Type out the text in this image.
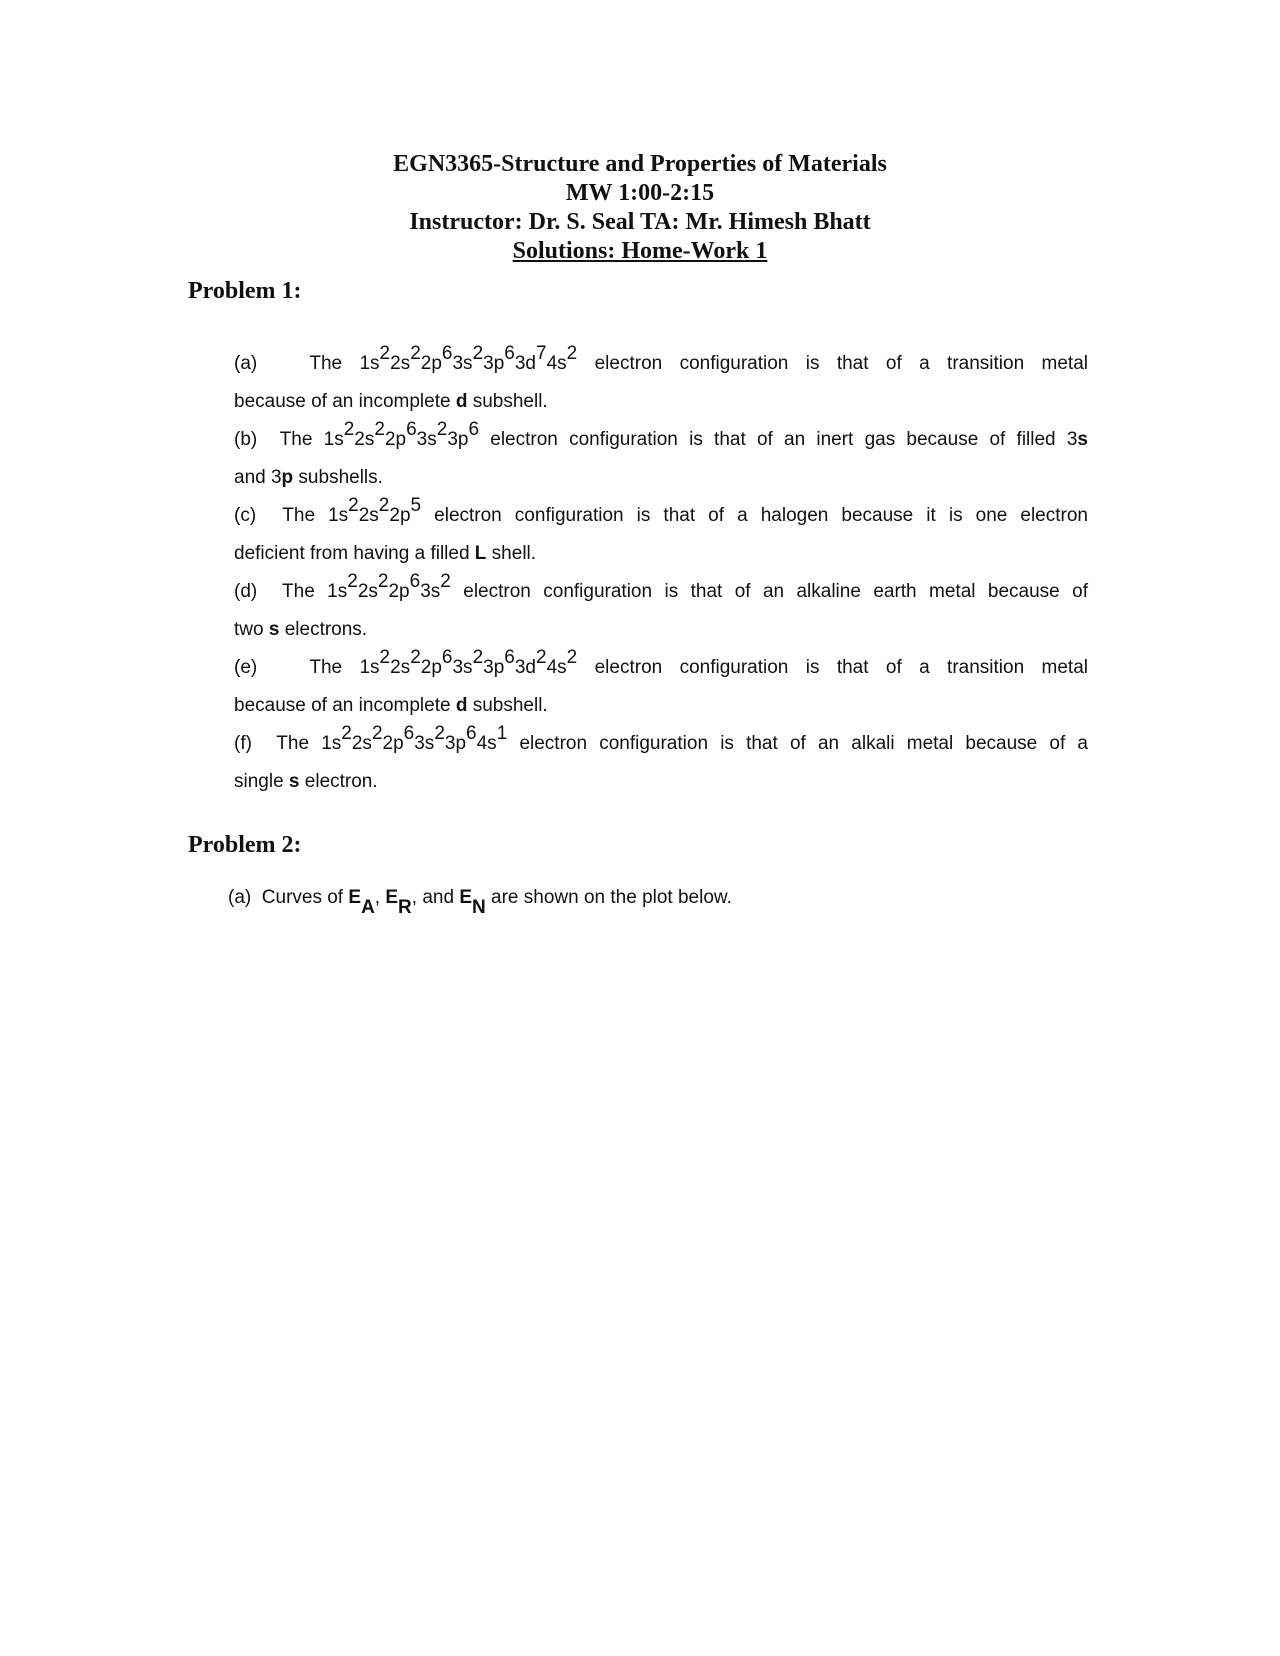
EGN3365-Structure and Properties of Materials
MW 1:00-2:15
Instructor: Dr. S. Seal TA: Mr. Himesh Bhatt
Solutions: Home-Work 1
Problem 1:
(a)   The $1s^22s^22p^63s^23p^63d^74s^2$ electron configuration is that of a transition metal
because of an incomplete d subshell.
(b)  The $1s^22s^22p^63s^23p^6$ electron configuration is that of an inert gas because of filled 3s
and 3p subshells.
(c)  The $1s^22s^22p^5$ electron configuration is that of a halogen because it is one electron
deficient from having a filled L shell.
(d)  The $1s^22s^22p^63s^2$ electron configuration is that of an alkaline earth metal because of
two s electrons.
(e)   The $1s^22s^22p^63s^23p^63d^24s^2$ electron configuration is that of a transition metal
because of an incomplete d subshell.
(f)  The $1s^22s^22p^63s^23p^64s^1$ electron configuration is that of an alkali metal because of a
single s electron.
Problem 2:
(a)  Curves of $E_A$, $E_R$, and $E_N$ are shown on the plot below.
